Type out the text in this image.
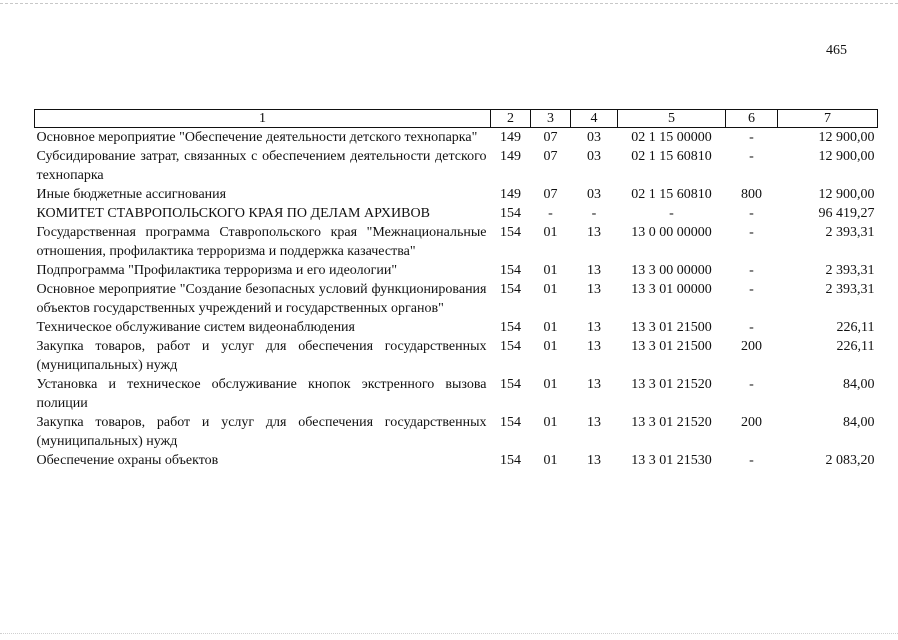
465
1	2	3	4	5	6	7
Основное мероприятие "Обеспечение деятельности детского технопарка"	149	07	03	02 1 15 00000	-	12 900,00
Субсидирование затрат, связанных с обеспечением деятельности детского технопарка	149	07	03	02 1 15 60810	-	12 900,00
Иные бюджетные ассигнования	149	07	03	02 1 15 60810	800	12 900,00
КОМИТЕТ СТАВРОПОЛЬСКОГО КРАЯ ПО ДЕЛАМ АРХИВОВ	154	-	-	-	-	96 419,27
Государственная программа Ставропольского края "Межнациональные отношения, профилактика терроризма и поддержка казачества"	154	01	13	13 0 00 00000	-	2 393,31
Подпрограмма "Профилактика терроризма и его идеологии"	154	01	13	13 3 00 00000	-	2 393,31
Основное мероприятие "Создание безопасных условий функционирования объектов государственных учреждений и государственных органов"	154	01	13	13 3 01 00000	-	2 393,31
Техническое обслуживание систем видеонаблюдения	154	01	13	13 3 01 21500	-	226,11
Закупка товаров, работ и услуг для обеспечения государственных (муниципальных) нужд	154	01	13	13 3 01 21500	200	226,11
Установка и техническое обслуживание кнопок экстренного вызова полиции	154	01	13	13 3 01 21520	-	84,00
Закупка товаров, работ и услуг для обеспечения государственных (муниципальных) нужд	154	01	13	13 3 01 21520	200	84,00
Обеспечение охраны объектов	154	01	13	13 3 01 21530	-	2 083,20
